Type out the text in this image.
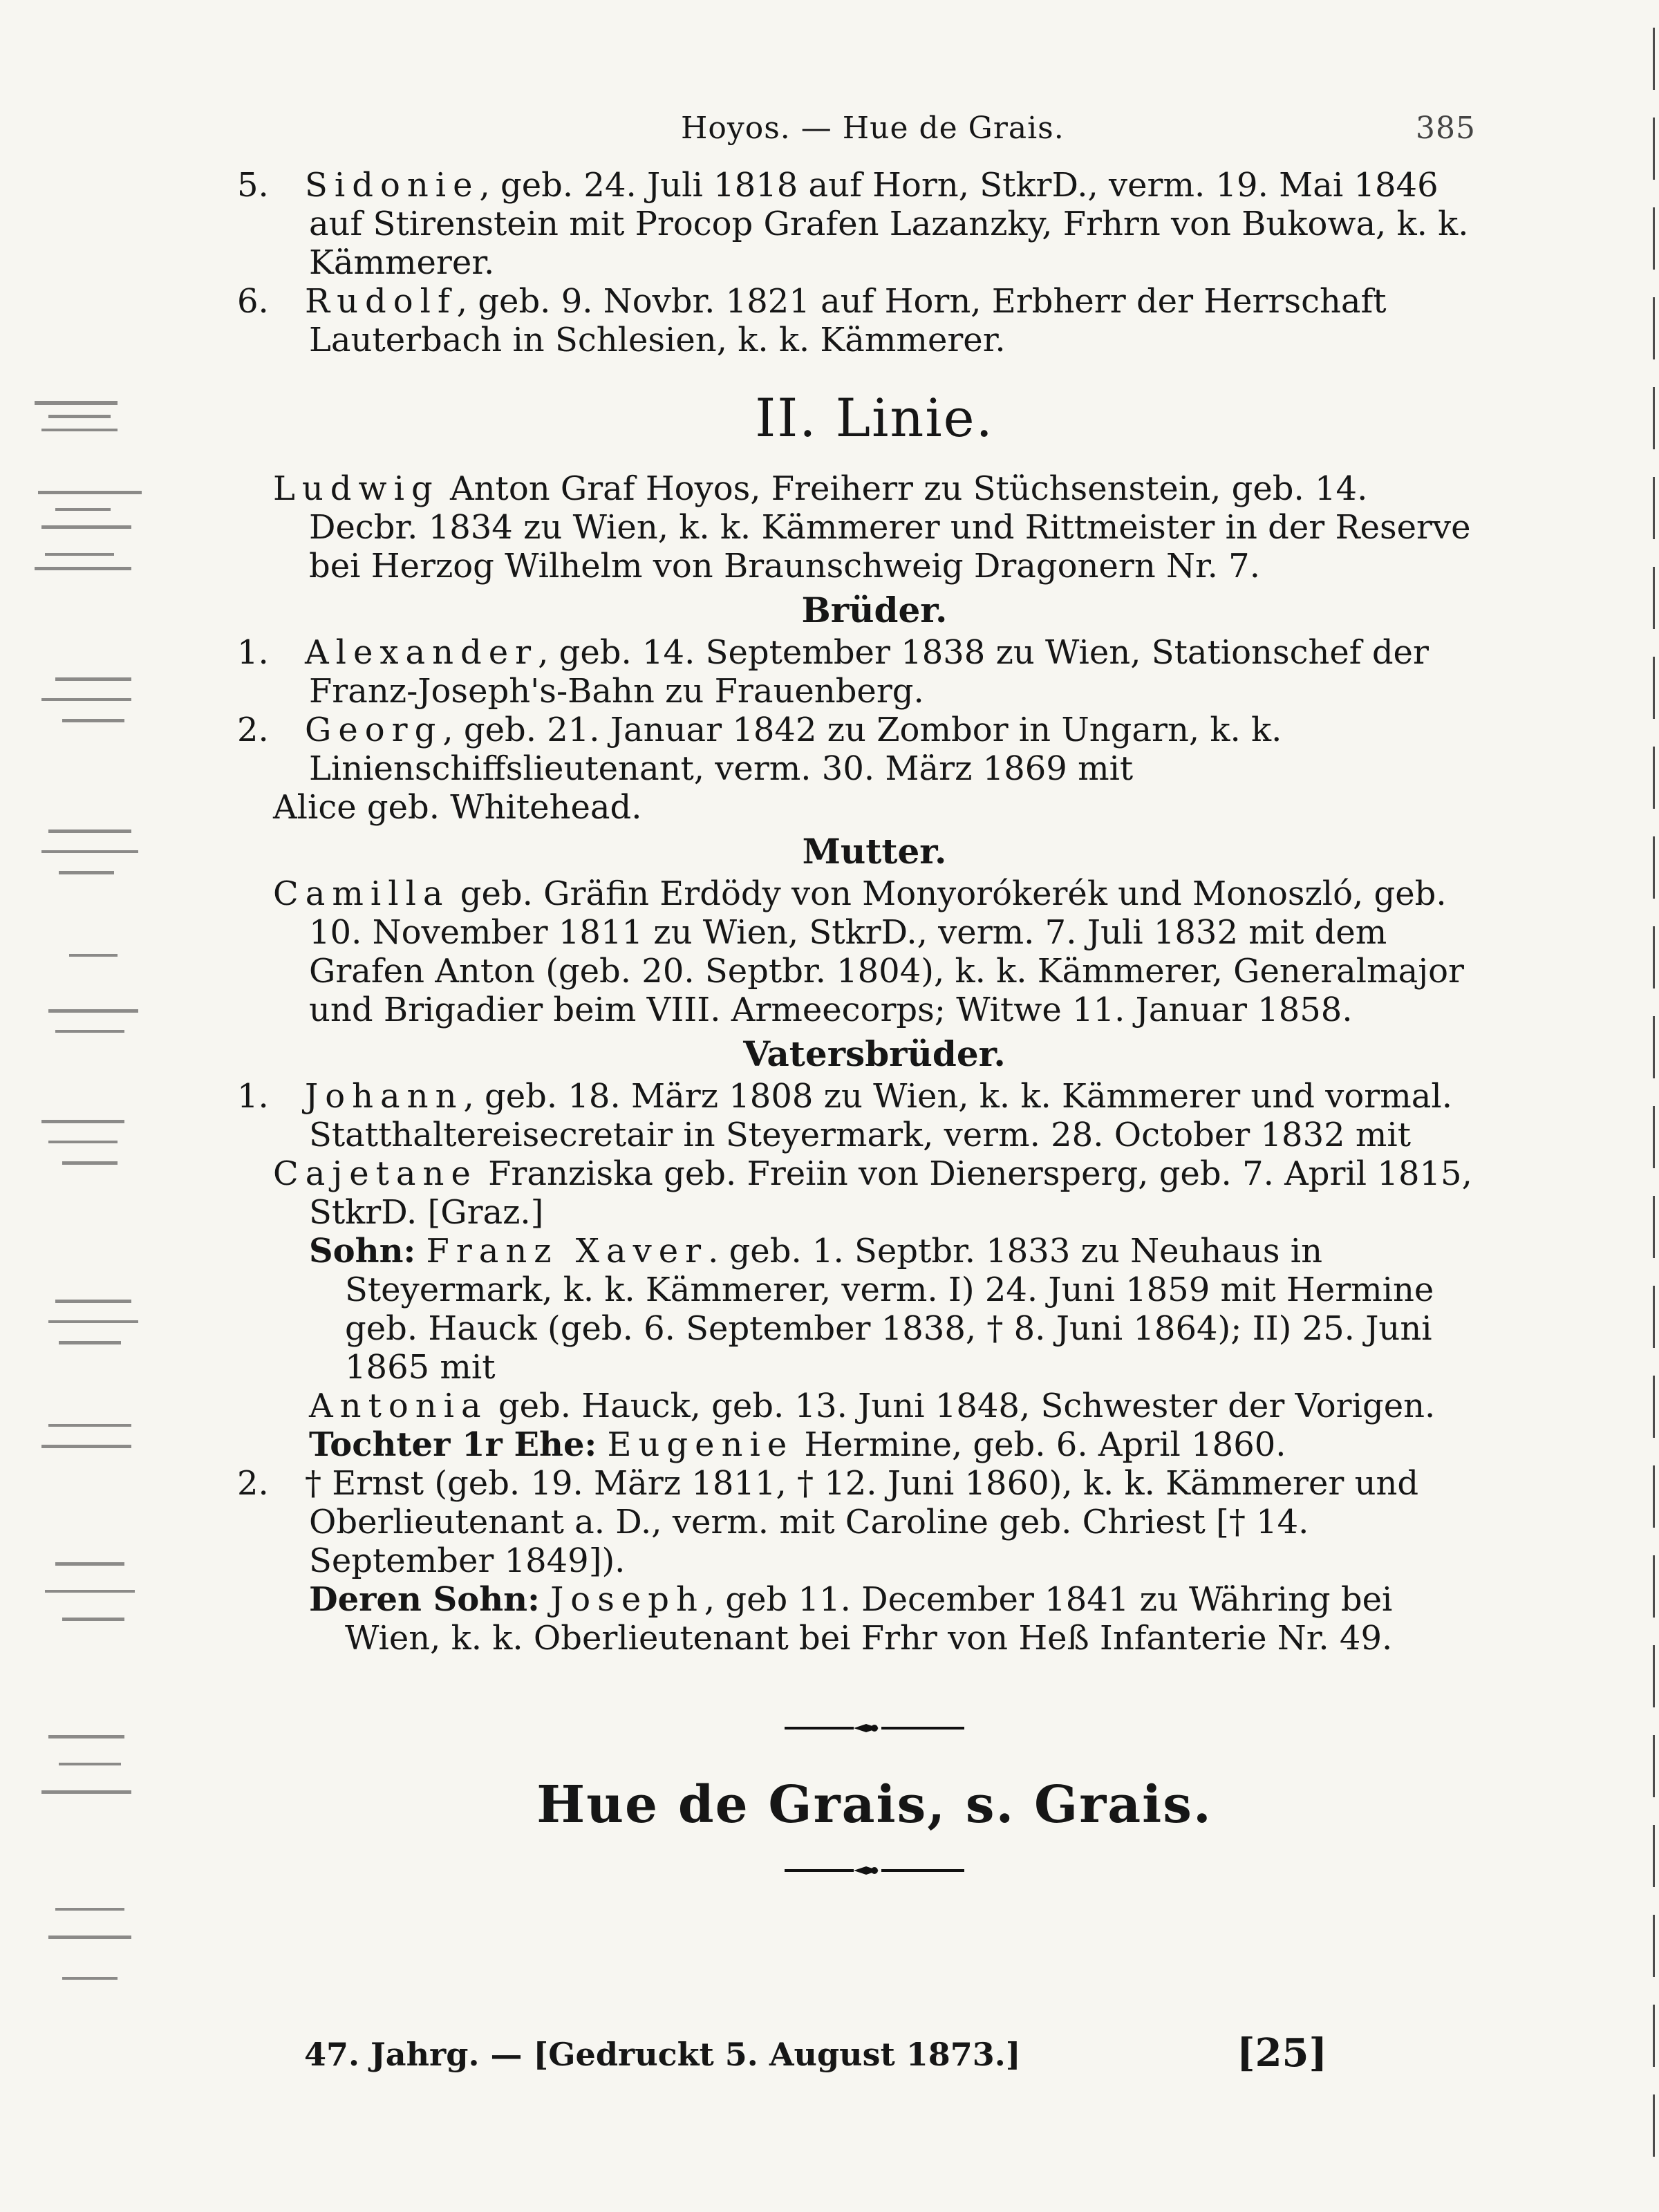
Hoyos. — Hue de Grais.	385

5. Sidonie, geb. 24. Juli 1818 auf Horn, StkrD., verm. 19. Mai 1846 auf Stirenstein mit Procop Grafen Lazanzky, Frhrn von Bukowa, k. k. Kämmerer.

6. Rudolf, geb. 9. Novbr. 1821 auf Horn, Erbherr der Herrschaft Lauterbach in Schlesien, k. k. Kämmerer.

II. Linie.

Ludwig Anton Graf Hoyos, Freiherr zu Stüchsenstein, geb. 14. Decbr. 1834 zu Wien, k. k. Kämmerer und Rittmeister in der Reserve bei Herzog Wilhelm von Braunschweig Dragonern Nr. 7.

Brüder.

1. Alexander, geb. 14. September 1838 zu Wien, Stationschef der Franz-Joseph's-Bahn zu Frauenberg.

2. Georg, geb. 21. Januar 1842 zu Zombor in Ungarn, k. k. Linienschiffslieutenant, verm. 30. März 1869 mit

Alice geb. Whitehead.

Mutter.

Camilla geb. Gräfin Erdödy von Monyorókerék und Monoszló, geb. 10. November 1811 zu Wien, StkrD., verm. 7. Juli 1832 mit dem Grafen Anton (geb. 20. Septbr. 1804), k. k. Kämmerer, Generalmajor und Brigadier beim VIII. Armeecorps; Witwe 11. Januar 1858.

Vatersbrüder.

1. Johann, geb. 18. März 1808 zu Wien, k. k. Kämmerer und vormal. Statthaltereisecretair in Steyermark, verm. 28. October 1832 mit

Cajetane Franziska geb. Freiin von Dienersperg, geb. 7. April 1815, StkrD. [Graz.]

Sohn: Franz Xaver. geb. 1. Septbr. 1833 zu Neuhaus in Steyermark, k. k. Kämmerer, verm. I) 24. Juni 1859 mit Hermine geb. Hauck (geb. 6. September 1838, † 8. Juni 1864); II) 25. Juni 1865 mit

Antonia geb. Hauck, geb. 13. Juni 1848, Schwester der Vorigen.

Tochter 1r Ehe: Eugenie Hermine, geb. 6. April 1860.

2. † Ernst (geb. 19. März 1811, † 12. Juni 1860), k. k. Kämmerer und Oberlieutenant a. D., verm. mit Caroline geb. Chriest [† 14. September 1849]).

Deren Sohn: Joseph, geb 11. December 1841 zu Währing bei Wien, k. k. Oberlieutenant bei Frhr von Heß Infanterie Nr. 49.

Hue de Grais, s. Grais.
47. Jahrg. — [Gedruckt 5. August 1873.]	[25]
